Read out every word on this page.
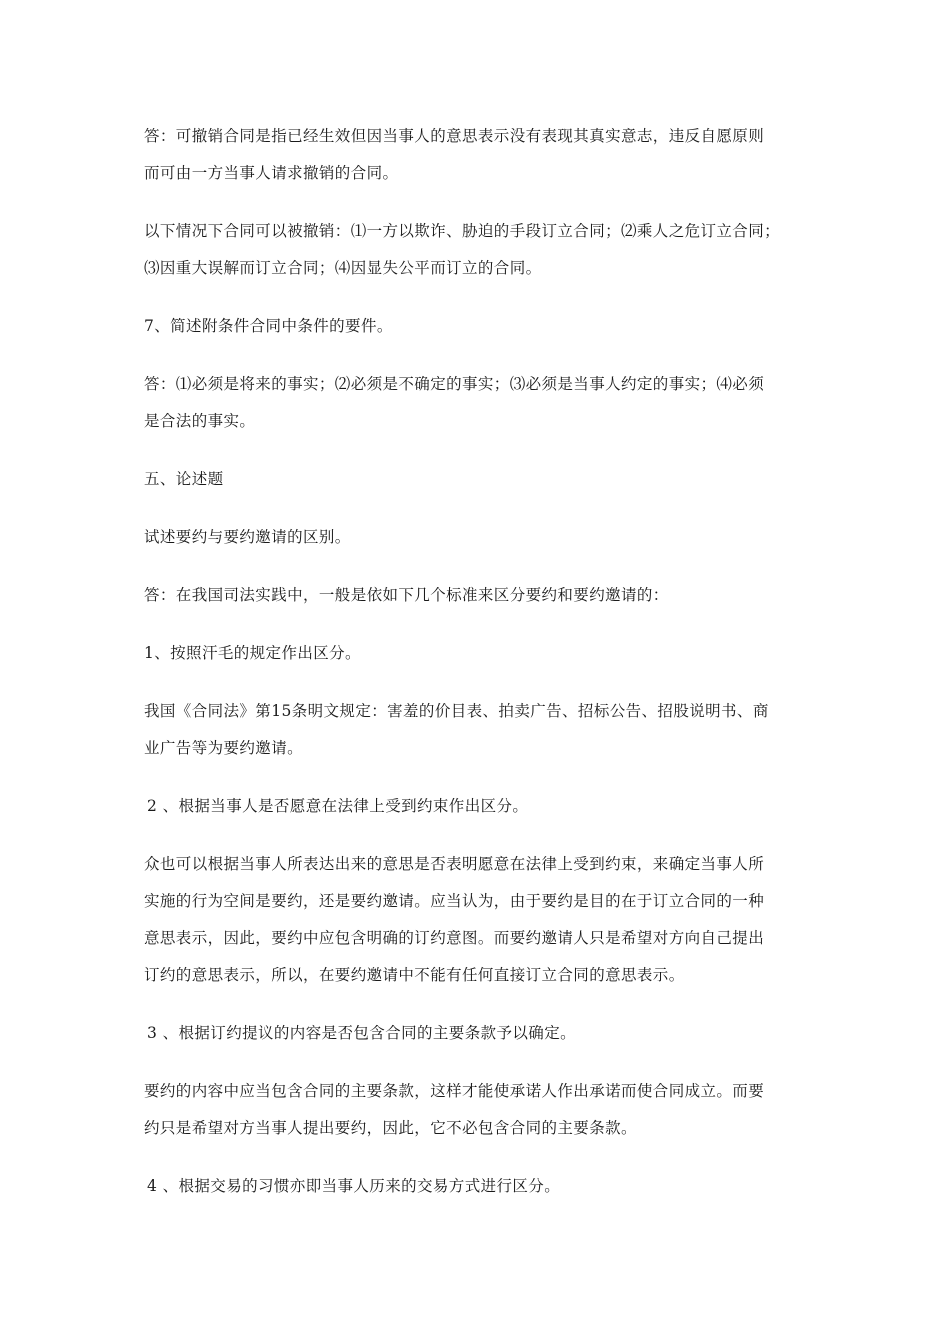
答：可撤销合同是指已经生效但因当事人的意思表示没有表现其真实意志，违反自愿原则
而可由一方当事人请求撤销的合同。

以下情况下合同可以被撤销：⑴一方以欺诈、胁迫的手段订立合同；⑵乘人之危订立合同；
⑶因重大误解而订立合同；⑷因显失公平而订立的合同。

7、简述附条件合同中条件的要件。

答：⑴必须是将来的事实；⑵必须是不确定的事实；⑶必须是当事人约定的事实；⑷必须
是合法的事实。

五、论述题

试述要约与要约邀请的区别。

答：在我国司法实践中，一般是依如下几个标准来区分要约和要约邀请的：

1、按照汗毛的规定作出区分。

我国《合同法》第15条明文规定：害羞的价目表、拍卖广告、招标公告、招股说明书、商
业广告等为要约邀请。

2 、根据当事人是否愿意在法律上受到约束作出区分。

众也可以根据当事人所表达出来的意思是否表明愿意在法律上受到约束，来确定当事人所
实施的行为空间是要约，还是要约邀请。应当认为，由于要约是目的在于订立合同的一种
意思表示，因此，要约中应包含明确的订约意图。而要约邀请人只是希望对方向自己提出
订约的意思表示，所以，在要约邀请中不能有任何直接订立合同的意思表示。

3 、根据订约提议的内容是否包含合同的主要条款予以确定。

要约的内容中应当包含合同的主要条款，这样才能使承诺人作出承诺而使合同成立。而要
约只是希望对方当事人提出要约，因此，它不必包含合同的主要条款。

4 、根据交易的习惯亦即当事人历来的交易方式进行区分。
